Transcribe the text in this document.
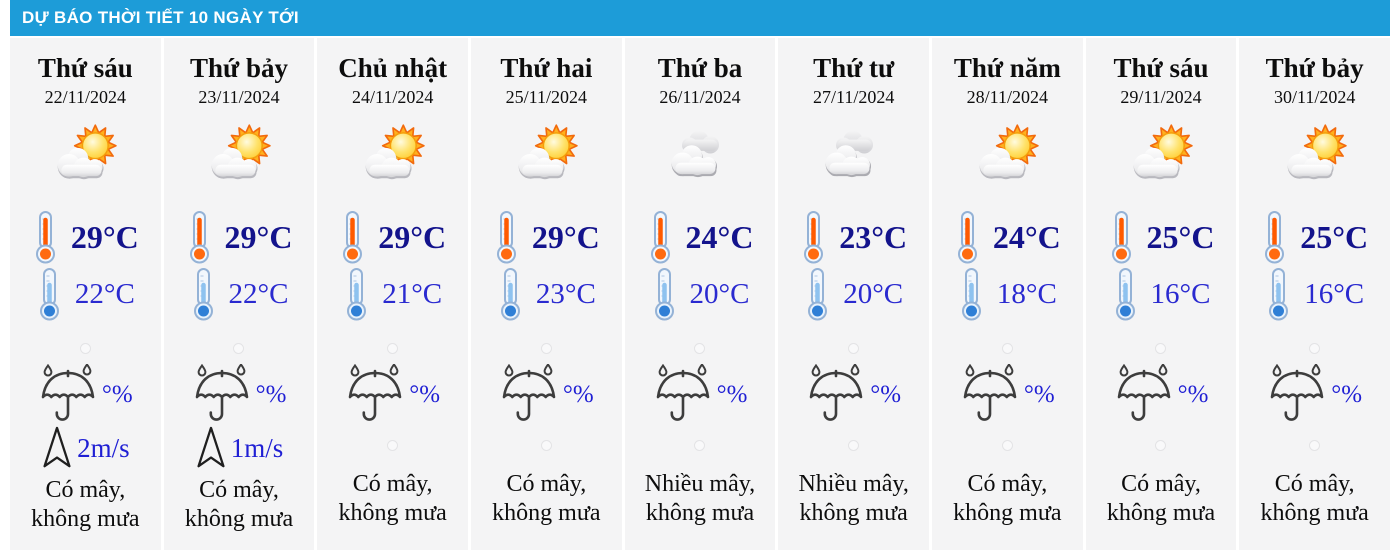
DỰ BÁO THỜI TIẾT 10 NGÀY TỚI
Thứ sáu
22/11/2024
29°C
22°C
°%
2m/s
Có mây, không mưa
Thứ bảy
23/11/2024
29°C
22°C
°%
1m/s
Có mây, không mưa
Chủ nhật
24/11/2024
29°C
21°C
°%
Có mây, không mưa
Thứ hai
25/11/2024
29°C
23°C
°%
Có mây, không mưa
Thứ ba
26/11/2024
24°C
20°C
°%
Nhiều mây, không mưa
Thứ tư
27/11/2024
23°C
20°C
°%
Nhiều mây, không mưa
Thứ năm
28/11/2024
24°C
18°C
°%
Có mây, không mưa
Thứ sáu
29/11/2024
25°C
16°C
°%
Có mây, không mưa
Thứ bảy
30/11/2024
25°C
16°C
°%
Có mây, không mưa
